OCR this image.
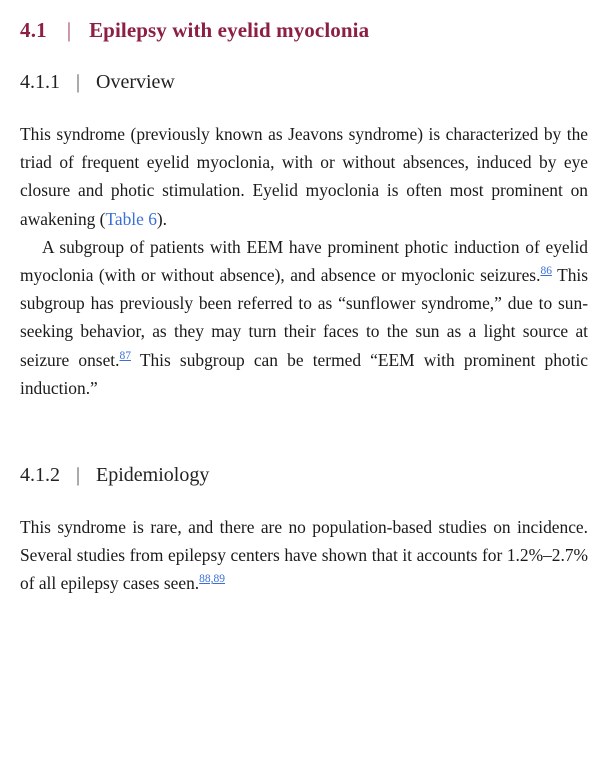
4.1 | Epilepsy with eyelid myoclonia
4.1.1 | Overview

This syndrome (previously known as Jeavons syndrome) is characterized by the triad of frequent eyelid myoclonia, with or without absences, induced by eye closure and photic stimulation. Eyelid myoclonia is often most prominent on awakening (Table 6).

A subgroup of patients with EEM have prominent photic induction of eyelid myoclonia (with or without absence), and absence or myoclonic seizures.$^{86}$ This subgroup has previously been referred to as “sunflower syndrome,” due to sun-seeking behavior, as they may turn their faces to the sun as a light source at seizure onset.$^{87}$ This subgroup can be termed “EEM with prominent photic induction.”

4.1.2 | Epidemiology

This syndrome is rare, and there are no population-based studies on incidence. Several studies from epilepsy centers have shown that it accounts for 1.2%–2.7% of all epilepsy cases seen.$^{88,89}$
